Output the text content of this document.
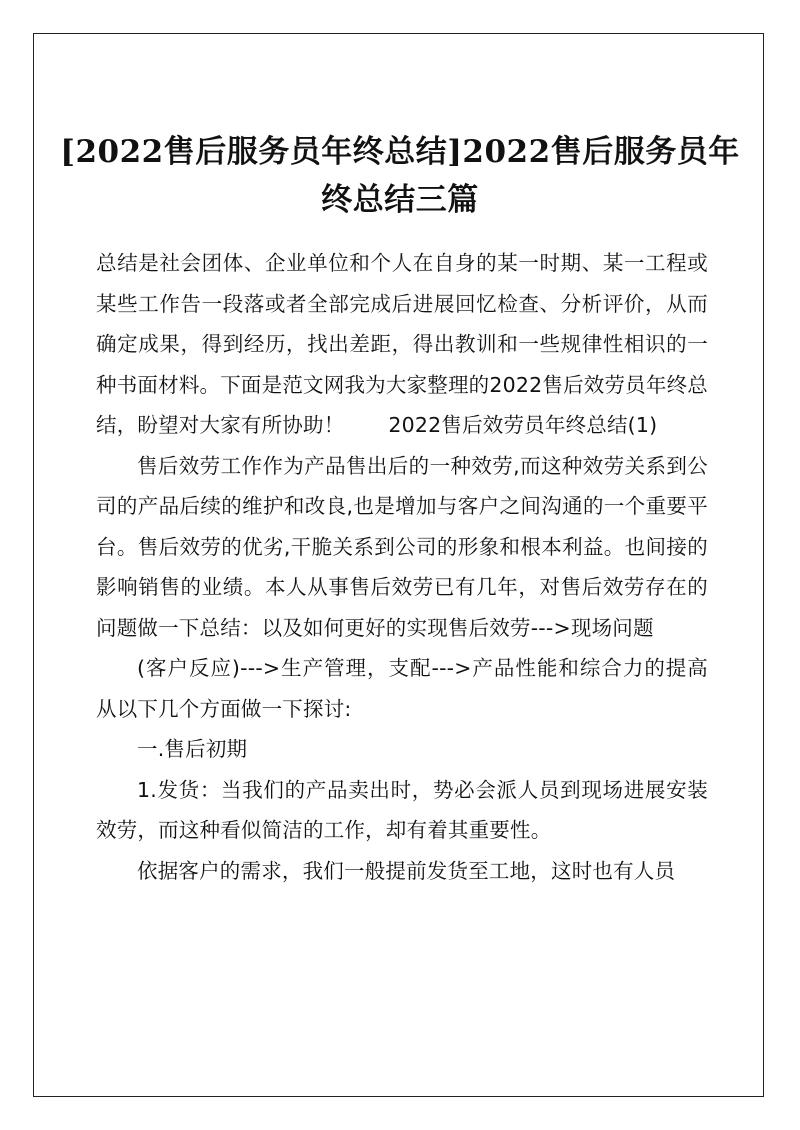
[2022售后服务员年终总结]2022售后服务员年终总结三篇

总结是社会团体、企业单位和个人在自身的某一时期、某一工程或某些工作告一段落或者全部完成后进展回忆检查、分析评价，从而确定成果，得到经历，找出差距，得出教训和一些规律性相识的一种书面材料。下面是范文网我为大家整理的2022售后效劳员年终总结，盼望对大家有所协助！ 2022售后效劳员年终总结(1)

售后效劳工作作为产品售出后的一种效劳,而这种效劳关系到公司的产品后续的维护和改良,也是增加与客户之间沟通的一个重要平台。售后效劳的优劣,干脆关系到公司的形象和根本利益。也间接的影响销售的业绩。本人从事售后效劳已有几年，对售后效劳存在的问题做一下总结：以及如何更好的实现售后效劳--->现场问题

(客户反应)--->生产管理，支配--->产品性能和综合力的提高从以下几个方面做一下探讨:

一.售后初期

1.发货：当我们的产品卖出时，势必会派人员到现场进展安装效劳，而这种看似简洁的工作，却有着其重要性。

依据客户的需求，我们一般提前发货至工地，这时也有人员
